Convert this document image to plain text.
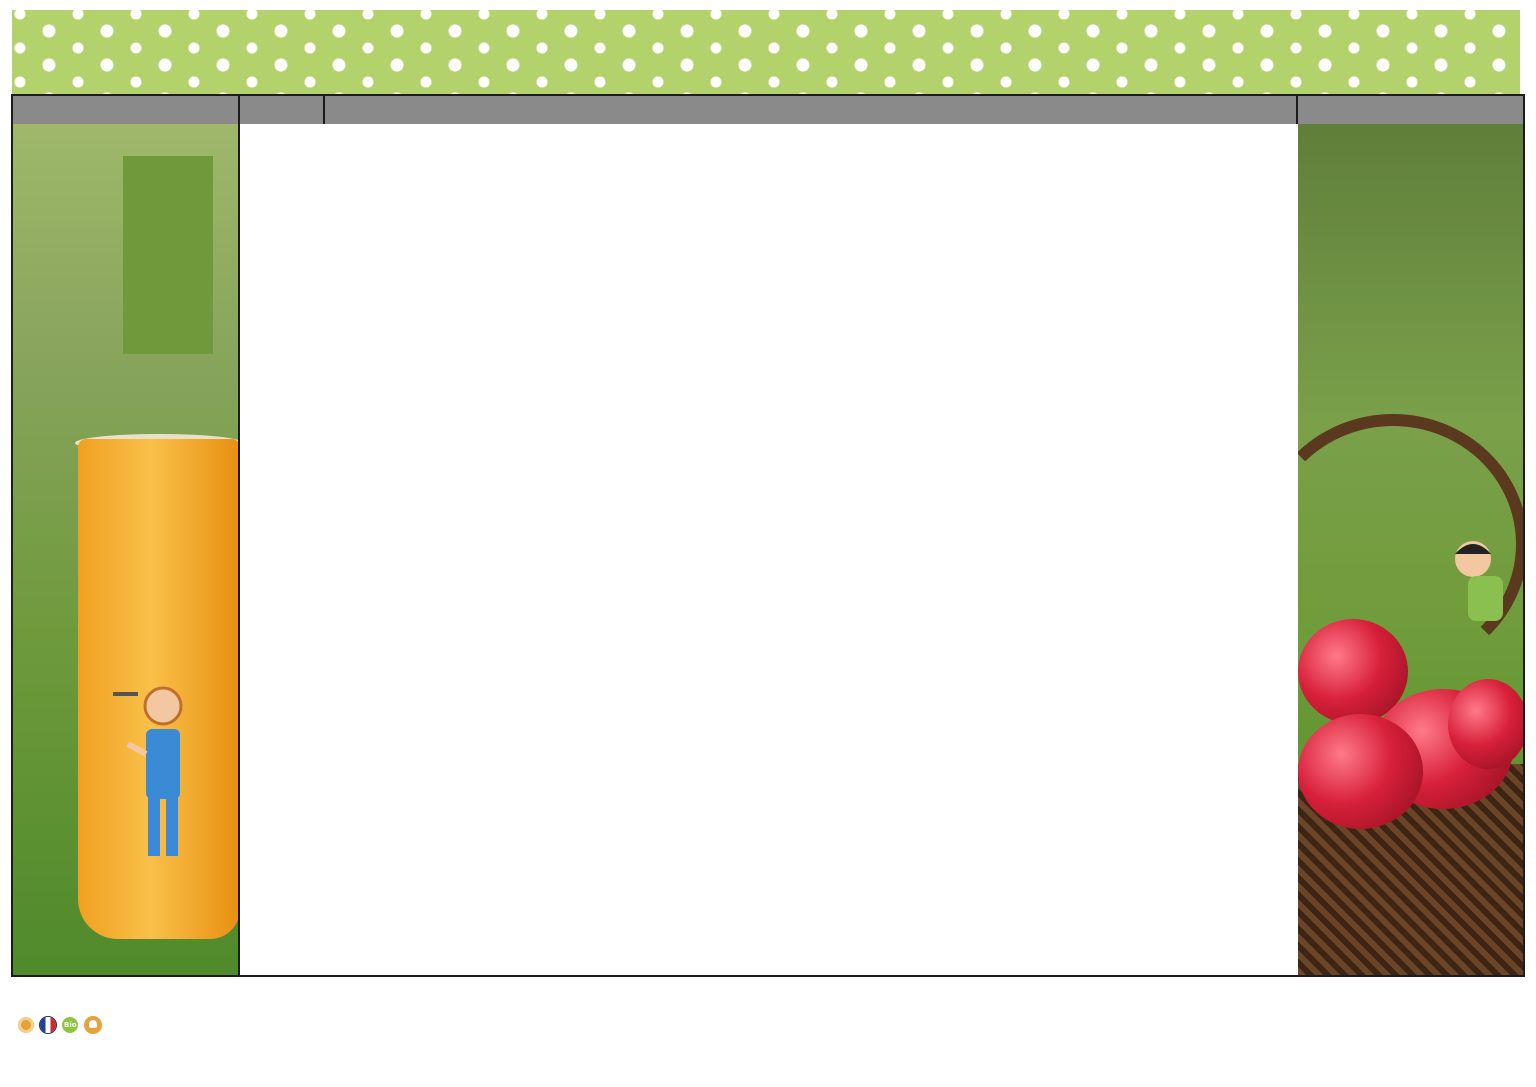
Bio
